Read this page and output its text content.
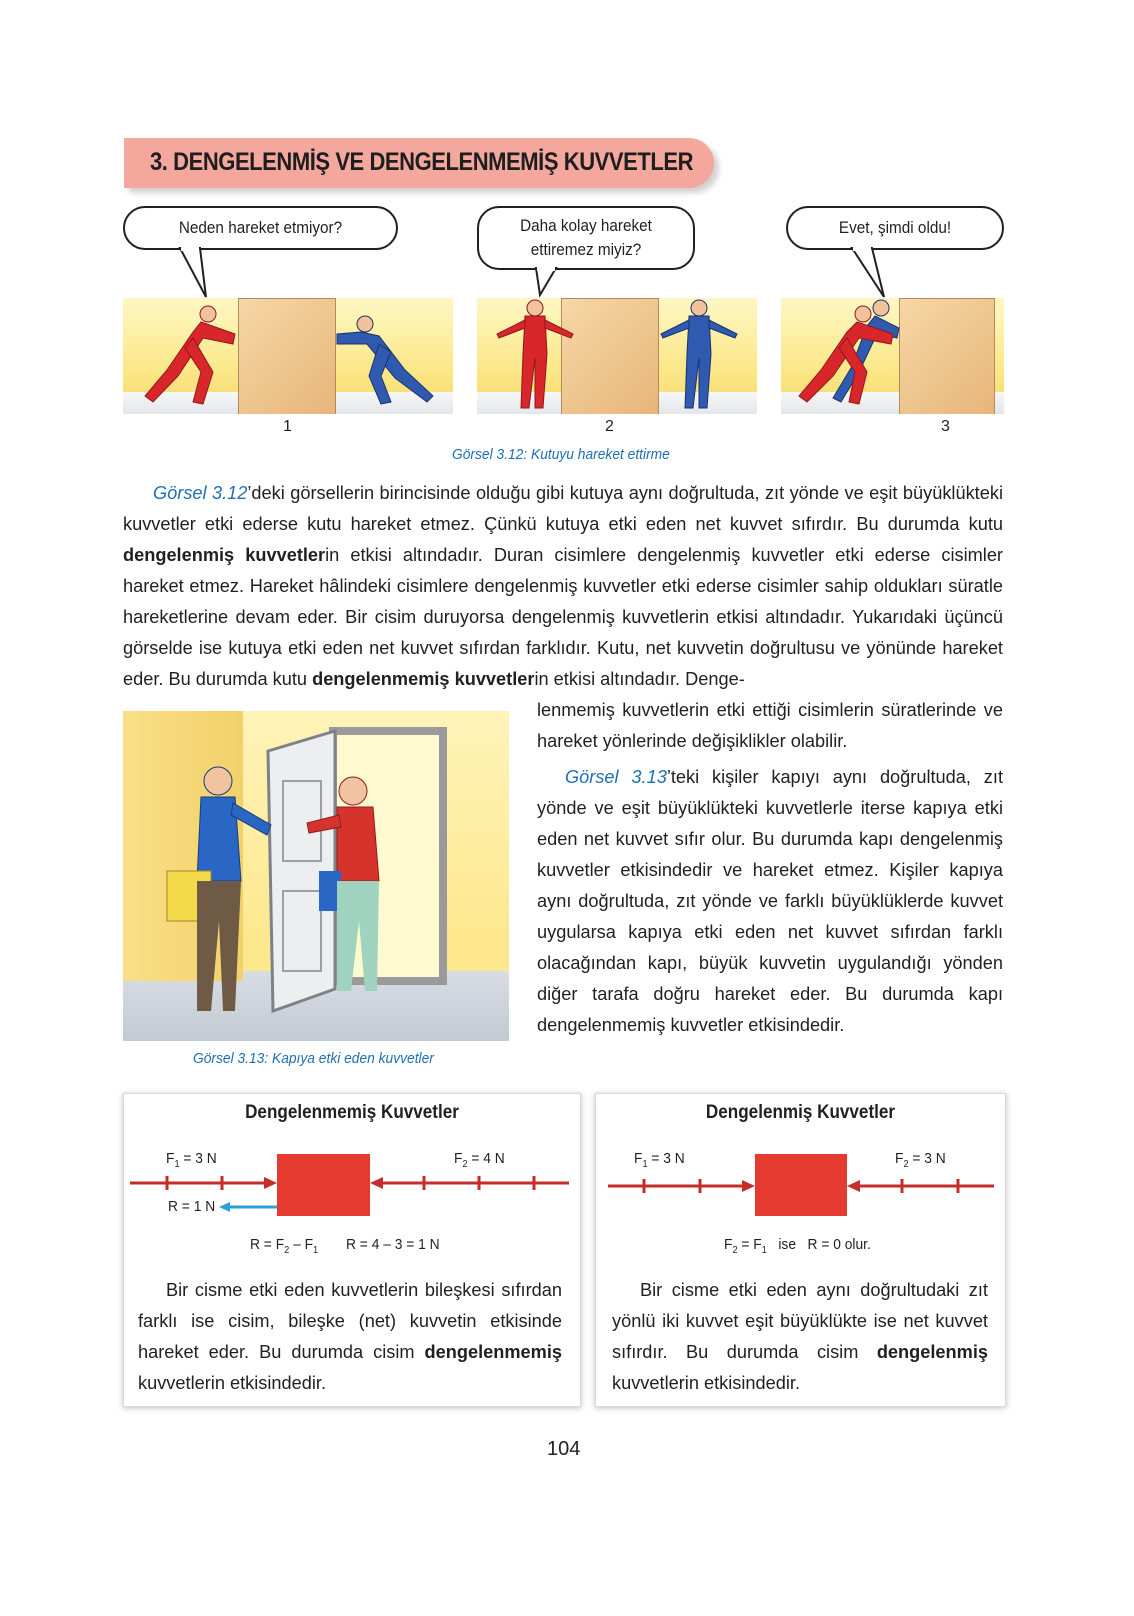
3. DENGELENMİŞ VE DENGELENMEMİŞ KUVVETLER
Neden hareket etmiyor?	Daha kolay hareket
ettiremez miyiz?
Evet, şimdi oldu!
1	2	3
Görsel 3.12: Kutuyu hareket ettirme
Görsel 3.12’deki görsellerin birincisinde olduğu gibi kutuya aynı doğrultuda, zıt yönde ve eşit büyüklükteki kuvvetler etki ederse kutu hareket etmez. Çünkü kutuya etki eden net kuvvet sıfırdır. Bu durumda kutu dengelenmiş kuvvetlerin etkisi altındadır. Duran cisimlere dengelenmiş kuvvetler etki ederse cisimler hareket etmez. Hareket hâlindeki cisimlere dengelenmiş kuvvetler etki ederse cisimler sahip oldukları süratle hareketlerine devam eder. Bir cisim duruyorsa dengelenmiş kuvvetlerin etkisi altındadır. Yukarıdaki üçüncü görselde ise kutuya etki eden net kuvvet sıfırdan farklıdır. Kutu, net kuvvetin doğrultusu ve yönünde hareket eder. Bu durumda kutu dengelenmemiş kuvvetlerin etkisi altındadır. Denge-
lenmemiş kuvvetlerin etki ettiği cisimlerin süratlerinde ve hareket yönlerinde değişiklikler olabilir.
Görsel 3.13’teki kişiler kapıyı aynı doğrultuda, zıt yönde ve eşit büyüklükteki kuvvetlerle iterse kapıya etki eden net kuvvet sıfır olur. Bu durumda kapı dengelenmiş kuvvetler etkisindedir ve hareket etmez. Kişiler kapıya aynı doğrultuda, zıt yönde ve farklı büyüklüklerde kuvvet uygularsa kapıya etki eden net kuvvet sıfırdan farklı olacağından kapı, büyük kuvvetin uygulandığı yönden diğer tarafa doğru hareket eder. Bu durumda kapı dengelenmemiş kuvvetler etkisindedir.
Görsel 3.13: Kapıya etki eden kuvvetler
Dengelenmemiş Kuvvetler
$F_1 = 3$ N	$F_2 = 4$ N
R = 1 N
$R = F_2 - F_1$ R = 4 – 3 = 1 N
Bir cisme etki eden kuvvetlerin bileşkesi sıfırdan farklı ise cisim, bileşke (net) kuvvetin etkisinde hareket eder. Bu durumda cisim dengelenmemiş kuvvetlerin etkisindedir.
Dengelenmiş Kuvvetler
$F_1 = 3$ N	$F_2 = 3$ N
$F_2 = F_1$ ise R = 0 olur.
Bir cisme etki eden aynı doğrultudaki zıt yönlü iki kuvvet eşit büyüklükte ise net kuvvet sıfırdır. Bu durumda cisim dengelenmiş kuvvetlerin etkisindedir.
104
